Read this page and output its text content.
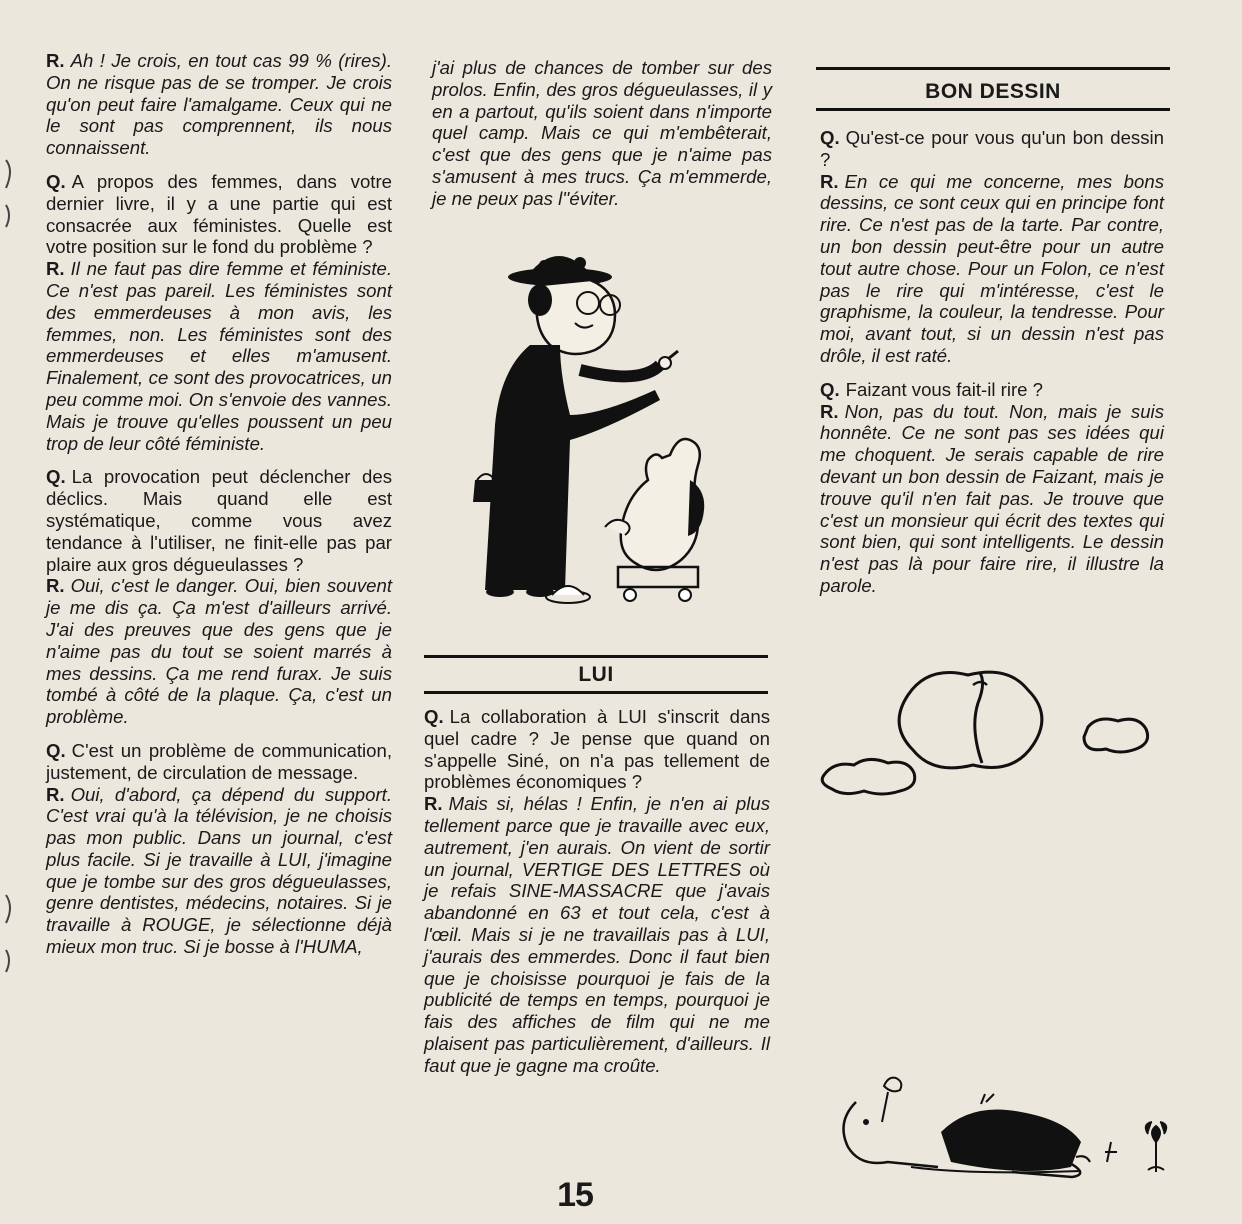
R. Ah ! Je crois, en tout cas 99 % (rires). On ne risque pas de se tromper. Je crois qu'on peut faire l'amalgame. Ceux qui ne le sont pas comprennent, ils nous connaissent.

Q. A propos des femmes, dans votre dernier livre, il y a une partie qui est consacrée aux féministes. Quelle est votre position sur le fond du problème ?
R. Il ne faut pas dire femme et féministe. Ce n'est pas pareil. Les féministes sont des emmerdeuses à mon avis, les femmes, non. Les féministes sont des emmerdeuses et elles m'amusent. Finalement, ce sont des provocatrices, un peu comme moi. On s'envoie des vannes. Mais je trouve qu'elles poussent un peu trop de leur côté féministe.

Q. La provocation peut déclencher des déclics. Mais quand elle est systématique, comme vous avez tendance à l'utiliser, ne finit-elle pas par plaire aux gros dégueulasses ?
R. Oui, c'est le danger. Oui, bien souvent je me dis ça. Ça m'est d'ailleurs arrivé. J'ai des preuves que des gens que je n'aime pas du tout se soient marrés à mes dessins. Ça me rend furax. Je suis tombé à côté de la plaque. Ça, c'est un problème.

Q. C'est un problème de communication, justement, de circulation de message.
R. Oui, d'abord, ça dépend du support. C'est vrai qu'à la télévision, je ne choisis pas mon public. Dans un journal, c'est plus facile. Si je travaille à LUI, j'imagine que je tombe sur des gros dégueulasses, genre dentistes, médecins, notaires. Si je travaille à ROUGE, je sélectionne déjà mieux mon truc. Si je bosse à l'HUMA,

j'ai plus de chances de tomber sur des prolos. Enfin, des gros dégueulasses, il y en a partout, qu'ils soient dans n'importe quel camp. Mais ce qui m'embêterait, c'est que des gens que je n'aime pas s'amusent à mes trucs. Ça m'emmerde, je ne peux pas l''éviter.

LUI

Q. La collaboration à LUI s'inscrit dans quel cadre ? Je pense que quand on s'appelle Siné, on n'a pas tellement de problèmes économiques ?
R. Mais si, hélas ! Enfin, je n'en ai plus tellement parce que je travaille avec eux, autrement, j'en aurais. On vient de sortir un journal, VERTIGE DES LETTRES où je refais SINE-MASSACRE que j'avais abandonné en 63 et tout cela, c'est à l'œil. Mais si je ne travaillais pas à LUI, j'aurais des emmerdes. Donc il faut bien que je choisisse pourquoi je fais de la publicité de temps en temps, pourquoi je fais des affiches de film qui ne me plaisent pas particulièrement, d'ailleurs. Il faut que je gagne ma croûte.

BON DESSIN

Q. Qu'est-ce pour vous qu'un bon dessin ?
R. En ce qui me concerne, mes bons dessins, ce sont ceux qui en principe font rire. Ce n'est pas de la tarte. Par contre, un bon dessin peut-être pour un autre tout autre chose. Pour un Folon, ce n'est pas le rire qui m'intéresse, c'est le graphisme, la couleur, la tendresse. Pour moi, avant tout, si un dessin n'est pas drôle, il est raté.

Q. Faizant vous fait-il rire ?
R. Non, pas du tout. Non, mais je suis honnête. Ce ne sont pas ses idées qui me choquent. Je serais capable de rire devant un bon dessin de Faizant, mais je trouve qu'il n'en fait pas. Je trouve que c'est un monsieur qui écrit des textes qui sont bien, qui sont intelligents. Le dessin n'est pas là pour faire rire, il illustre la parole.

15
